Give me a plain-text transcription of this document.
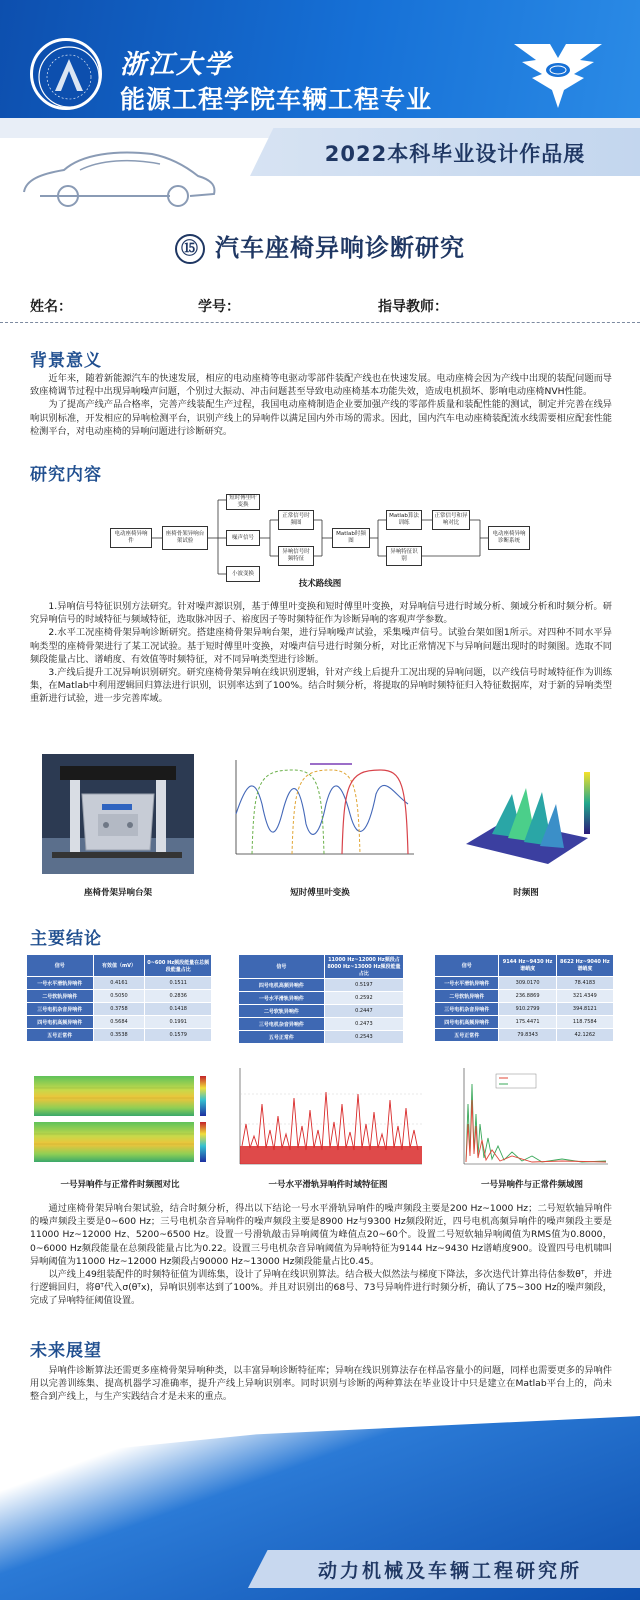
浙江大学
能源工程学院车辆工程专业
2022本科毕业设计作品展
⑮ 汽车座椅异响诊断研究
姓名：	学号：	指导教师：
背景意义

近年来，随着新能源汽车的快速发展，相应的电动座椅等电驱动零部件装配产线也在快速发展。电动座椅会因为产线中出现的装配问题而导致座椅调节过程中出现异响噪声问题，个别过大振动、冲击问题甚至导致电动座椅基本功能失效，造成电机损坏、影响电动座椅NVH性能。

为了提高产线产品合格率，完善产线装配生产过程，我国电动座椅制造企业要加强产线的零部件质量和装配性能的测试，制定并完善在线异响识别标准，开发相应的异响检测平台，识别产线上的异响件以满足国内外市场的需求。因此，国内汽车电动座椅装配流水线需要相应配套性能检测平台，对电动座椅的异响问题进行诊断研究。

研究内容
电动座椅异响件
座椅骨架异响台架试验
短时傅里叶变换
噪声信号
小波变换
正常信号时频图
异响信号时频特征
Matlab时频图
Matlab算法训练
异响特征识别
正常信号和异响对比
电动座椅异响诊断系统
技术路线图

1.异响信号特征识别方法研究。针对噪声源识别，基于傅里叶变换和短时傅里叶变换，对异响信号进行时域分析、频域分析和时频分析。研究异响信号的时域特征与频域特征，选取脉冲因子、裕度因子等时频特征作为诊断异响的客观声学参数。

2.水平工况座椅骨架异响诊断研究。搭建座椅骨架异响台架，进行异响噪声试验，采集噪声信号。试验台架如图1所示。对四种不同水平异响类型的座椅骨架进行了某工况试验。基于短时傅里叶变换，对噪声信号进行时频分析，对比正常情况下与异响问题出现时的时频图。选取不同频段能量占比、谱峭度、有效值等时频特征，对不同异响类型进行诊断。

3.产线后提升工况异响识别研究。研究座椅骨架异响在线识别逻辑，针对产线上后提升工况出现的异响问题，以产线信号时域特征作为训练集，在Matlab中利用逻辑回归算法进行识别，识别率达到了100%。结合时频分析，将提取的异响时频特征归入特征数据库，对于新的异响类型重新进行试验，进一步完善库域。

座椅骨架异响台架	短时傅里叶变换	时频图
主要结论
信号	有效值（mV）	0~600 Hz频段能量在总频段能量占比
一号水平滑轨异响件	0.4161	0.1511
二号软轨异响件	0.5050	0.2836
三号电机杂音异响件	0.3758	0.1418
四号电机高频异响件	0.5684	0.1991
五号正常件	0.3538	0.1579
信号	11000 Hz~12000 Hz频段占8000 Hz~13000 Hz频段能量占比
四号电机高频异响件	0.5197
一号水平滑轨异响件	0.2592
二号软轨异响件	0.2447
三号电机杂音异响件	0.2473
五号正常件	0.2543
信号	9144 Hz~9430 Hz谱峭度	8622 Hz~9040 Hz谱峭度
一号水平滑轨异响件	309.0170	78.4183
二号软轨异响件	236.8869	321.4349
三号电机杂音异响件	910.2799	394.8121
四号电机高频异响件	175.4471	118.7584
五号正常件	79.8343	42.1262
一号异响件与正常件时频图对比	一号水平滑轨异响件时域特征图	一号异响件与正常件频域图

通过座椅骨架异响台架试验，结合时频分析，得出以下结论一号水平滑轨异响件的噪声频段主要是200 Hz~1000 Hz；二号短软轴异响件的噪声频段主要是0~600 Hz；三号电机杂音异响件的噪声频段主要是8900 Hz与9300 Hz频段附近，四号电机高频异响件的噪声频段主要是11000 Hz~12000 Hz、5200~6500 Hz。设置一号滑轨敲击异响阈值为峰值点20~60个。设置二号短软轴异响阈值为RMS值为0.8000，0~6000 Hz频段能量在总频段能量占比为0.22。设置三号电机杂音异响阈值为异响特征为9144 Hz~9430 Hz谱峭度900。设置四号电机啸叫异响阈值为11000 Hz~12000 Hz频段占90000 Hz~13000 Hz频段能量占比0.45。

以产线上49组装配件的时频特征值为训练集，设计了异响在线识别算法。结合极大似然法与梯度下降法，多次迭代计算出待估参数θᵀ，并进行逻辑回归，将θᵀ代入σ(θᵀx)，异响识别率达到了100%。并且对识别出的68号、73号异响件进行时频分析，确认了75~300 Hz的噪声频段，完成了异响特征阈值设置。

未来展望

异响件诊断算法还需更多座椅骨架异响种类，以丰富异响诊断特征库；异响在线识别算法存在样品容量小的问题，同样也需要更多的异响件用以完善训练集、提高机器学习准确率，提升产线上异响识别率。同时识别与诊断的两种算法在毕业设计中只是建立在Matlab平台上的，尚未整合到产线上，与生产实践结合才是未来的重点。

动力机械及车辆工程研究所
